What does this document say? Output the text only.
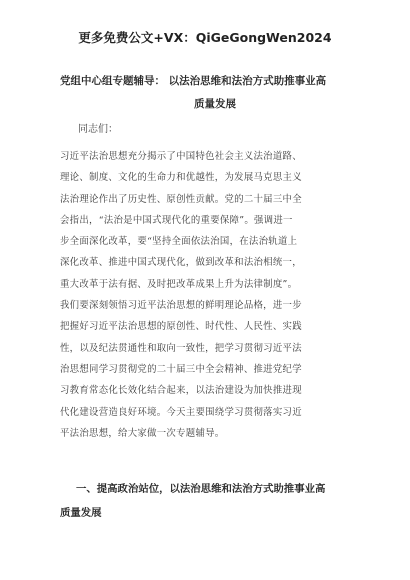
更多免费公文+VX：QiGeGongWen2024
党组中心组专题辅导： 以法治思维和法治方式助推事业高
质量发展
同志们：
习近平法治思想充分揭示了中国特色社会主义法治道路、
理论、制度、文化的生命力和优越性，为发展马克思主义
法治理论作出了历史性、原创性贡献。党的二十届三中全
会指出，“法治是中国式现代化的重要保障”。强调进一
步全面深化改革，要“坚持全面依法治国，在法治轨道上
深化改革、推进中国式现代化，做到改革和法治相统一，
重大改革于法有据、及时把改革成果上升为法律制度”。
我们要深刻领悟习近平法治思想的鲜明理论品格，进一步
把握好习近平法治思想的原创性、时代性、人民性、实践
性，以及纪法贯通性和取向一致性，把学习贯彻习近平法
治思想同学习贯彻党的二十届三中全会精神、推进党纪学
习教育常态化长效化结合起来，以法治建设为加快推进现
代化建设营造良好环境。今天主要围绕学习贯彻落实习近
平法治思想，给大家做一次专题辅导。
一、提高政治站位，以法治思维和法治方式助推事业高
质量发展
